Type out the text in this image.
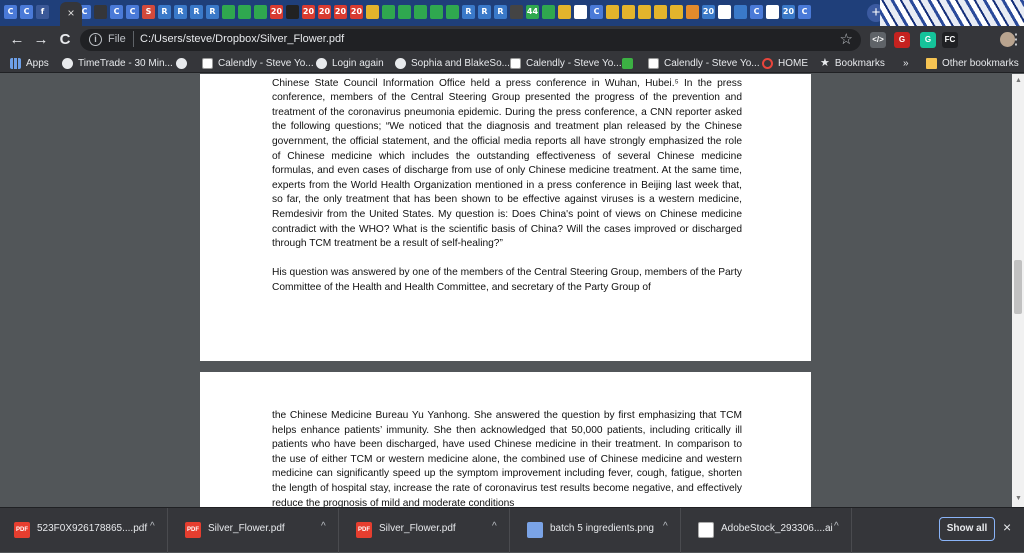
C	C	f	C	C	C	S	R	R	R	R	20	20 20 20 20	R	R	R	44	C	20	C	20 C
×	+
← → C	i	File C:/Users/steve/Dropbox/Silver_Flower.pdf	☆ </>	G	G	FC	⋮
Apps	TimeTrade - 30 Min...	Calendly - Steve Yo... Login again	Sophia and BlakeSo... Calendly - Steve Yo...	Calendly - Steve Yo... HOME ★ Bookmarks »	Other bookmarks

Chinese State Council Information Office held a press conference in Wuhan, Hubei.⁵ In the press conference, members of the Central Steering Group presented the progress of the prevention and treatment of the coronavirus pneumonia epidemic. During the press conference, a CNN reporter asked the following questions; “We noticed that the diagnosis and treatment plan released by the Chinese government, the official statement, and the official media reports all have strongly emphasized the role of Chinese medicine which includes the outstanding effectiveness of several Chinese medicine formulas, and even cases of discharge from use of only Chinese medicine treatment. At the same time, experts from the World Health Organization mentioned in a press conference in Beijing last week that, so far, the only treatment that has been shown to be effective against viruses is a western medicine, Remdesivir from the United States. My question is: Does China's point of views on Chinese medicine contradict with the WHO? What is the scientific basis of China? Will the cases improved or discharged through TCM treatment be a result of self-healing?”

His question was answered by one of the members of the Central Steering Group, members of the Party Committee of the Health and Health Committee, and secretary of the Party Group of

the Chinese Medicine Bureau Yu Yanhong. She answered the question by first emphasizing that TCM helps enhance patients’ immunity. She then acknowledged that 50,000 patients, including critically ill patients who have been discharged, have used Chinese medicine in their treatment. In comparison to the use of either TCM or western medicine alone, the combined use of Chinese medicine and western medicine can significantly speed up the symptom improvement including fever, cough, fatigue, shorten the length of hospital stay, increase the rate of coronavirus test results become negative, and effectively reduce the prognosis of mild and moderate conditions

▲
▼
PDF 523F0X926178865....pdf ^	PDF Silver_Flower.pdf	^	PDF Silver_Flower.pdf	^	batch 5 ingredients.png ^	AdobeStock_293306....ai ^	Show all	×
